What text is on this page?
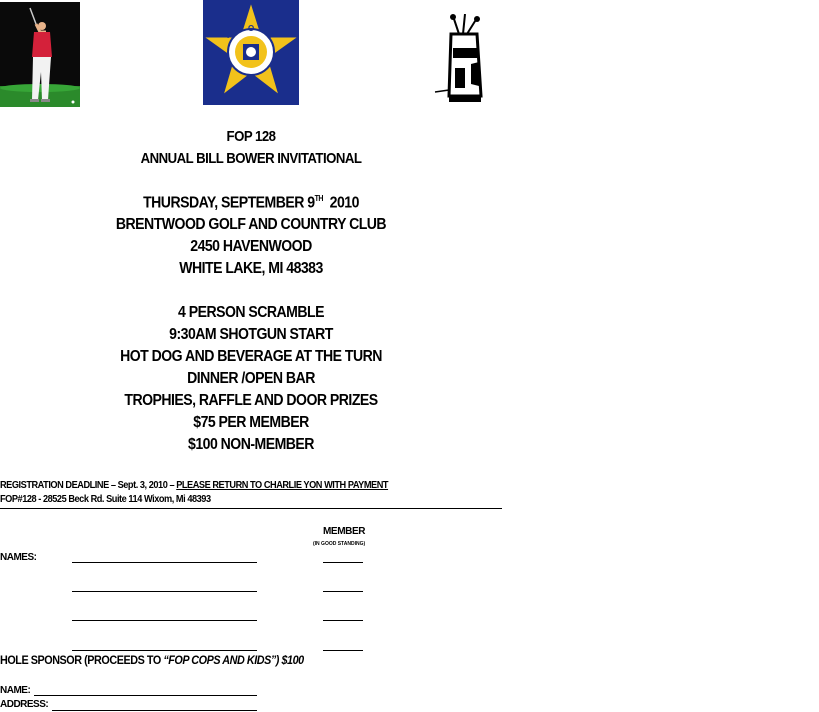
F
O
P
FOP 128
ANNUAL BILL BOWER INVITATIONAL
THURSDAY, SEPTEMBER 9TH 2010
BRENTWOOD GOLF AND COUNTRY CLUB
2450 HAVENWOOD
WHITE LAKE, MI 48383
4 PERSON SCRAMBLE
9:30AM SHOTGUN START
HOT DOG AND BEVERAGE AT THE TURN
DINNER /OPEN BAR
TROPHIES, RAFFLE AND DOOR PRIZES
$75 PER MEMBER
$100 NON-MEMBER
REGISTRATION DEADLINE – Sept. 3, 2010 – PLEASE RETURN TO CHARLIE YON WITH PAYMENT
FOP#128 - 28525 Beck Rd. Suite 114 Wixom, Mi 48393
MEMBER
(IN GOOD STANDING)
NAMES:
HOLE SPONSOR (PROCEEDS TO “FOP COPS AND KIDS”) $100
NAME:
ADDRESS:
